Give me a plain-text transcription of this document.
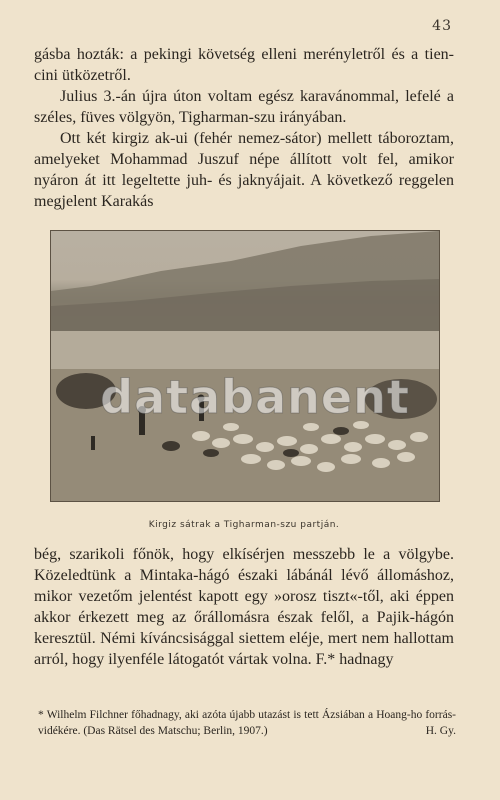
43

gásba hozták: a pekingi követség elleni merényletről és a tien-cini ütközetről.

Julius 3.-án újra úton voltam egész karavánommal, lefelé a széles, füves völgyön, Tigharman-szu irányában.

Ott két kirgiz ak-ui (fehér nemez-sátor) mellett táboroztam, amelyeket Mohammad Juszuf népe állított volt fel, amikor nyáron át itt legeltette juh- és jaknyájait. A következő reggelen megjelent Karakás

databanent
Kirgiz sátrak a Tigharman-szu partján.

bég, szarikoli főnök, hogy elkísérjen messzebb le a völgybe. Közeledtünk a Mintaka-hágó északi lábánál lévő állomáshoz, mikor vezetőm jelentést kapott egy »orosz tiszt«-től, aki éppen akkor érkezett meg az őrállomásra észak felől, a Pajik-hágón keresztül. Némi kíváncsisággal siettem eléje, mert nem hallottam arról, hogy ilyenféle látogatót vártak volna. F.* hadnagy

* Wilhelm Filchner főhadnagy, aki azóta újabb utazást is tett Ázsiában a Hoang-ho forrás-vidékére. (Das Rätsel des Matschu; Berlin, 1907.)	H. Gy.
